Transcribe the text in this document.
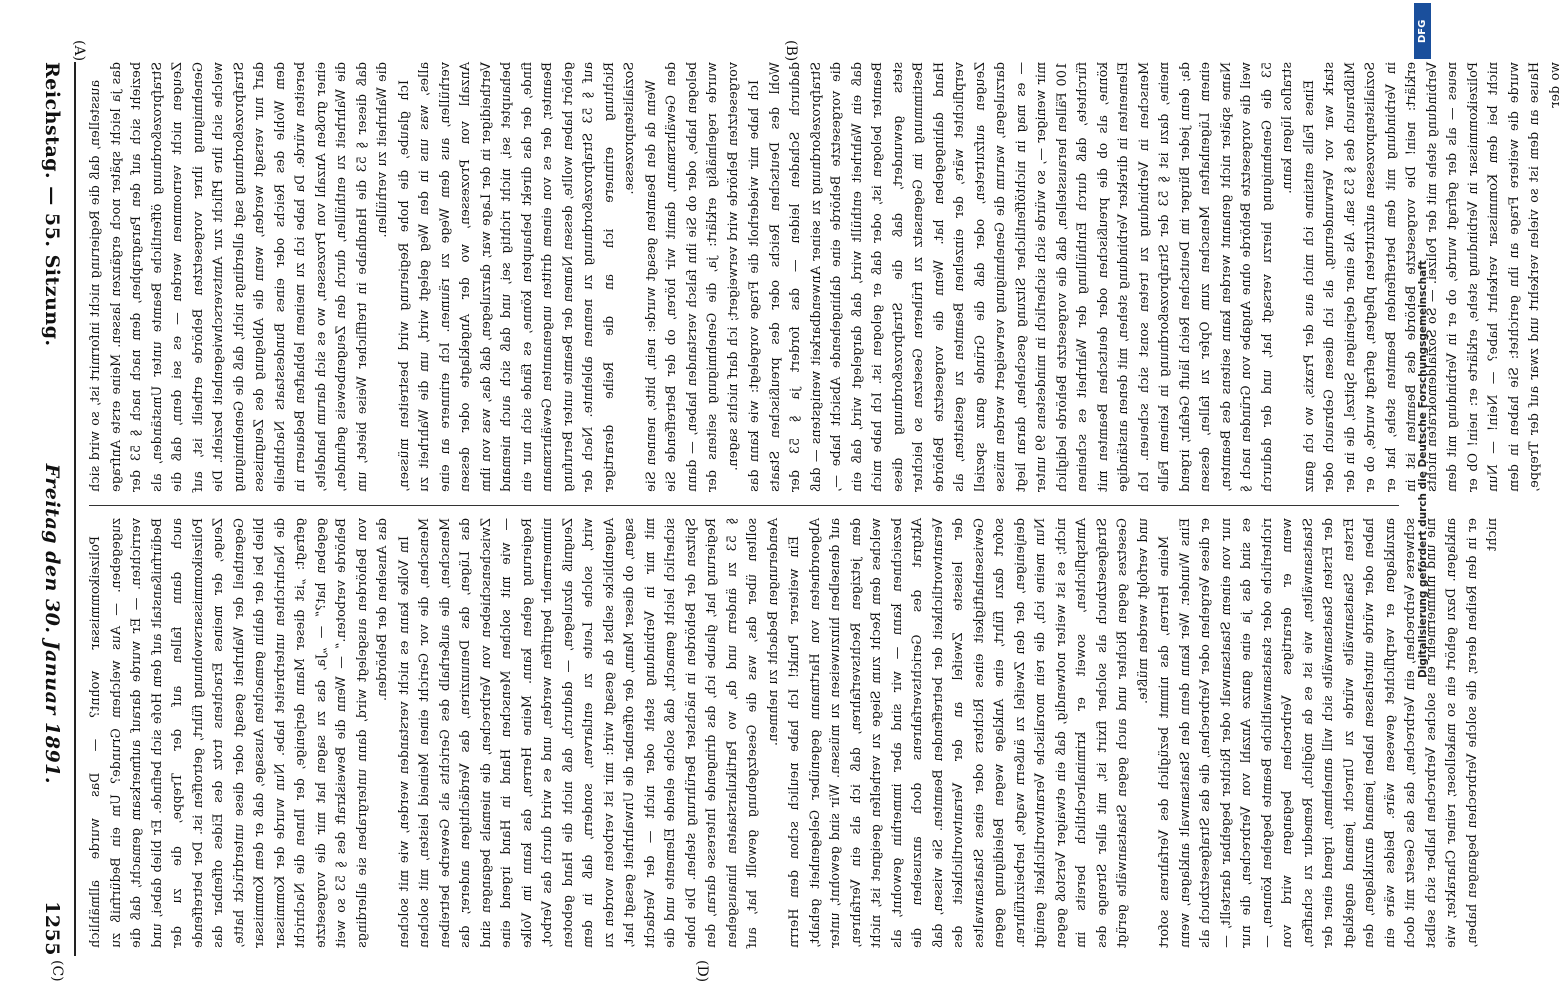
Reichstag. — 55. Sitzung.
Freitag den 30. Januar 1891.
1255

ausstellen, daß die Regierung nicht informirt ist, so wird sich das ja leicht später noch ergänzen lassen. Meine erste Anfrage bezieht sich auf den Paragraphen, dem nach nach § 53 der Strafprozeßordnung öffentliche Beamte unter Umständen, als Zeugen nicht vernommen werden — es sei denn, daß die Genehmigung ihrer vorgesetzten Behörde ertheilt ist, auf welche sich ihre Pflicht zur Amtsverschwiegenheit bezieht. Die Strafprozeßordnung sagt allerdings nicht, daß die Genehmigung darf nur versagt werden, wenn die Ablegung des Zeugnisses dem Wohle des Reichs oder eines Bundesstaats Nachtheile bereiten würde. Da habe ich zu meinem lebhaften Bedauern in einer großen Anzahl von Prozessen, wo es sich darum handelte, die Wahrheit zu enthüllen, durch den Zeugenbeweis gefunden, daß dieser § 53 die Handhabe in trefflicher Weise bietet, um die Wahrheit zu verhüllen. Ich glaube, die hohe Regierung wird bestreiten müssen, alles, was uns in den Weg gelegt wird, um die Wahrheit zu verhüllen, aus dem Wege zu räumen. Ich erinnere an eine Anzahl von Prozessen, wo der Angeklagte oder dessen Vertheidiger in der Lage war, darzulegen, daß das, was von ihm behauptet sei, nicht richtig sei, und daß sich auch niemand finde, der das direkt behaupten könne, es fände sich nur ein Beamter, der es von einem dritten ungenannten Gewährsmann gehört haben wollte, dessen Namen der Beamte unter Berufung auf § 53 Strafprozeßordnung zu nennen ablehnte. Nach der Richtung erinnere ich an die Reihe derartiger Sozialistenprozesse. Wenn da den Beamten gesagt wurde: nein, bitte, nennen Sie den Gewährsmann, damit wir hören, ob der Betreffende Sie belogen habe, oder ob Sie ihn falsch verstanden haben, — dann wurde regelmäßig erklärt: ja, die Genehmigung seitens der vorgesetzten Behörde wird verweigert; ich darf nichts sagen. Ich habe mir wiederholt die Frage vorgelegt: wie kann das Wohl des Deutschen Reichs oder des preußischen Staats dadurch Schaden leiden — das fordert ja § 53 der Strafprozeßordnung zu seiner Anwendbarkeit wenigstens — daß die vorgesetzte Behörde eine dahingehende Absicht habe —, daß ein Wahrheit enthüllt wird, daß dargelegt wird, daß ein Beamter belogen ist, oder daß er gelogen ist. Ich habe mich stets gewundert, daß die Strafprozeßordnung diese Bestimmung im Gegensatz zu früheren Gesetzen so leichter Hand dahingegeben hat. Wenn die vorgesetzte Behörde verpflichtet wäre, der einzelnen Beamten zu gestatten, als Zeugen aufzutreten, oder daß die Gründe ganz speziell darzulegen, warum die Genehmigung verweigert werden müsse — es mag in nichtöffentlicher Sitzung geschehen, daran liegt mir weniger —, so würde sich sicherlich in mindestens 99 unter 100 Fällen herausstellen, daß die vorgesetzte Behörde lediglich fürchtete, daß durch Enthüllung der Wahrheit es scheinen könne, als ob die preußischen oder deutschen Beamten mit Elementen in direkter Verbindung stehen, mit denen anständige Menschen in Verbindung zu treten sonst sich scheuen. Ich meine, dazu ist § 53 der Strafprozeßordnung in keinem Falle da; denn jeder Bürger im Deutschen Reich läuft Gefahr, irgend einem Lügenhaften Menschen zum Opfer zu fallen, dessen Name später nicht genannt werden kann seitens des Beamten, weil die vorgesetzte Behörde ohne Angabe von Gründen nach § 53 die Genehmigung hierzu versagt hat, und der dadurch straflos lügen kann. Eines Falls entsinne ich mich aus der Praxis, wo ich ganz stark war vor Verwunderung, als ich diesen Gebrauch oder Mißbrauch des § 53 sah. Als einer derjenigen Spitzel, die in der Sozialistenprozessen aufzutreten pflegten, gefragt wurde, ob er in Verbindung mit dem betreffenden Beamten stehe, hat er erklärt: nein! Die vorgesetzte Behörde des Beamten ist in Verbindung stehe mit der Polizei. — So Sozialdemokraten nichts neues — als der gefragt wurde, ob er in Verbindung mit dem Polizeikommissar in Verbindung stehe, erklärte er: nein! Ob er nicht bei dem Kommissar verkehrt habe? — Nein! — Nun wurde die weitere Frage an ihn gerichtet: Sie haben in dem Hause an dem ist so vielen verkehrt und zwar auf der Treppe, wo der

Polizeikommissar wohnt? — Das wurde allmählich zugegeben. — Aus welchem Grunde? Um ein Bedürfniß zu verrichten. — Er wurde darauf aufmerksam gemacht, daß die Bedürfnißanstalt auf dem Hofe sich befinde. Er blieb dabei, und auch dann fallen auf der Treppe, die zu der Polizeikommissarswohnung führt, getroffen ist. Der betreffende Zeuge, der meines Erachtens trotz des Eides offenbar das Gegentheil der Wahrheit gesagt oder diese unterdrückt hatte, blieb bei der dahin gemachten Aussage, daß er dem Kommissar die Nachrichten unterbreitet habe. Nun wurde der Kommissar gefragt: „ist dieser Mann derjenige, der Ihnen die Nachricht gegeben hat?“ — „Ja, das zu sagen hat mir die vorgesetzte Behörde verboten.“ — Wenn die Beweiskraft des § 53 so weit von Behörden ausgelegt wird, dann untergraben sie allerdings das Ansehen der Behörden. Im Volke kann es nicht verstanden werden, wie mit solchen Menschen, die vor Gericht einen Meineid leisten, mit solchen Menschen, die außerhalb des Gerichts als Gewerbe betreiben das Lügen, das Denunziren, das Verdächtigen anderer, das Zwischenschieben von Verbrechen, die niemals begangen sind — wie mit solchen Menschen Hand in Hand irgend eine Regierung gehen kann. Meine Herren, das kann im Volke nimmermehr begriffen werden, und es wird durch das Verbot, Zeugniß abzulegen, — dadurch, daß nicht die Hand geboten wird, solche Leute zu entlarven, sondern, daß in dem Augenblicke selbst da gesagt wird: mir ist verboten worden zu sagen, ob dieser Mann, der offenbar die Unwahrheit gesagt hat, mit mir in Verbindung steht oder nicht — der Verdacht sicherlich leicht gemacht, daß solche elende Elemente und die Spitzen der Behörden in nächster Berührung stehen. Die hohe Regierung hat, glaube ich, das dringende Interesse daran, den § 53 zu ändern und da, wo Partikularstaaten hinausgehen sollten über das, was die Gesetzgebung gewollt hat, auf Aenderungen Bedacht zu nehmen. Ein weiterer Punkt! Ich habe neulich schon dem Herrn Abgeordneten von Hartmann gegenüber Gelegenheit gehabt, auf denselben hinzuweisen zu müssen. Wir sind gewohnt, unter dem jetzigen Rechtsverfahren, daß ich als ein Verfahren, welches dem Recht zum Siege zu verhelfen geeignet ist, nicht bezeichnen kann — wir sind aber immerhin gewohnt, als Aktgrat des Gerichtsverfahrens doch anzusehen die Verantwortlichkeit der betreffenden Beamten. Sie wissen, daß der leiseste Zweifel an der Verantwortlichkeit des Gewissenhaftigkeit eines Richters oder eines Staatsanwaltes sofort dazu führt, eine Anklage wegen Beleidigung gegen denjenigen, der den Zweifel zu äußern wagte, herbeizuführen. Nun meine ich, die rein moralische Verantwortlichkeit genügt nicht; es ist weiter notwendig, daß ein etwaiger Verstoß gegen Amtspflichten, soweit er kriminalrechtlich bereits im Strafgesetzbuch als solcher fixirt ist, mit aller Strenge des Gesetzes gegen Richter und auch gegen Staatsanwälte gerügt und verfolgt werden müßte. Meine Herren, das nimmt bezüglich des Verfahrens sofort Eins Wunder. Wer kann denn den Staatsanwalt anklagen, wenn er diese Vergehen oder Verbrechen, die das Strafgesetzbuch als nur von einem Staatsanwalt oder Richter begehbar darstellt, — es sind das ja eine ganze Anzahl von Verbrechen, die nur richterliche oder staatsanwaltliche Beamte begehen können, — wenn er derartiges Verbrechen begangen wird von Staatsanwälten, wie ist es da möglich, Remedur zu schaffen, der Ersten Staatsanwälte sich will annehmen, irgend einer der Ersten Staatsanwälte würde zu Unrecht jemand angeklagt haben oder würde unterlassen haben jemand anzuklagen, den anzuklagen er verpflichtet gewesen wäre. Beides wäre ein schweres Verbrechen, ein Verbrechen, das das Gesetz mit doch nie und nimmermehr ein solches Verbrechen halber sich selbst anklagen. Dazu gehört ein so makelloser, reiner Charakter, wie er in den Reihen derer, die solche Verbrechen begangen haben, nicht

(A)	(B)
(C)	(D)
DFG
Digitalisierung gefördert durch die Deutsche Forschungsgemeinschaft
